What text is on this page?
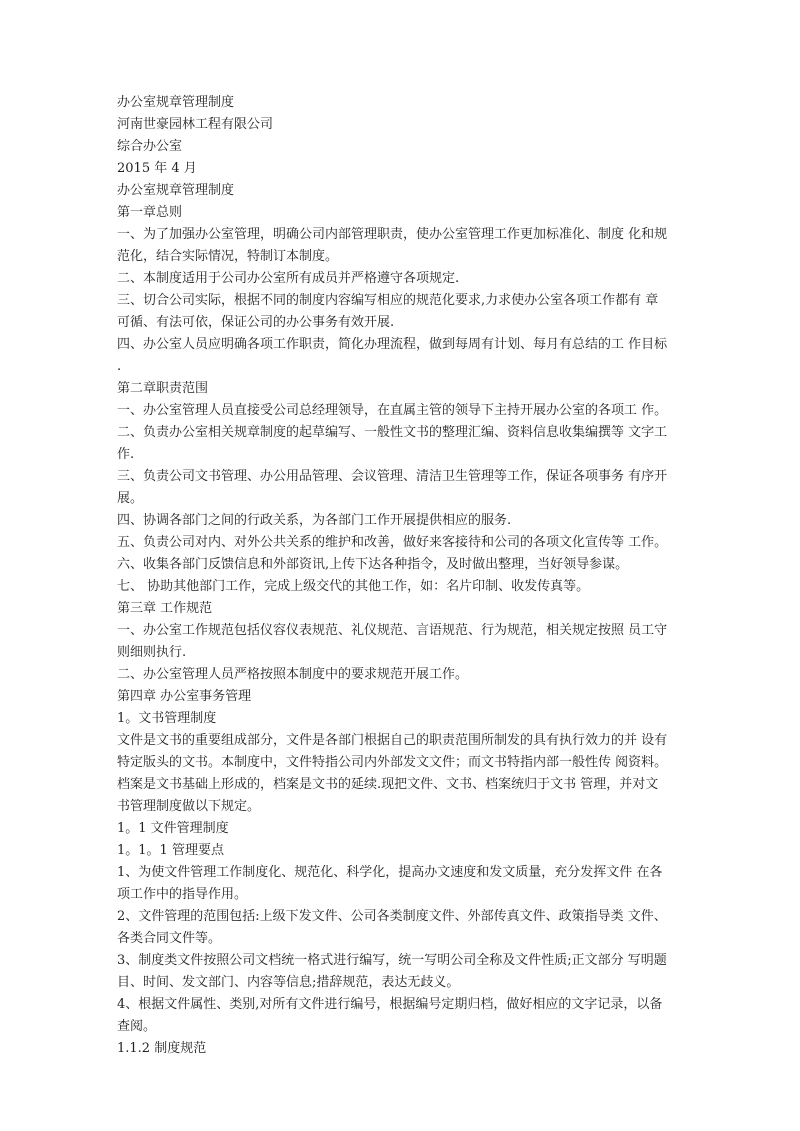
办公室规章管理制度
河南世豪园林工程有限公司
综合办公室
2015 年 4 月
办公室规章管理制度
第一章总则
一、为了加强办公室管理，明确公司内部管理职责，使办公室管理工作更加标准化、制度 化和规
范化，结合实际情况，特制订本制度。
二、本制度适用于公司办公室所有成员并严格遵守各项规定.
三、切合公司实际，根据不同的制度内容编写相应的规范化要求,力求使办公室各项工作都有 章
可循、有法可依，保证公司的办公事务有效开展.
四、办公室人员应明确各项工作职责，简化办理流程，做到每周有计划、每月有总结的工 作目标
.
第二章职责范围
一、办公室管理人员直接受公司总经理领导，在直属主管的领导下主持开展办公室的各项工 作。
二、负责办公室相关规章制度的起草编写、一般性文书的整理汇编、资料信息收集编撰等 文字工
作.
三、负责公司文书管理、办公用品管理、会议管理、清洁卫生管理等工作，保证各项事务 有序开
展。
四、协调各部门之间的行政关系，为各部门工作开展提供相应的服务.
五、负责公司对内、对外公共关系的维护和改善，做好来客接待和公司的各项文化宣传等 工作。
六、收集各部门反馈信息和外部资讯,上传下达各种指令，及时做出整理，当好领导参谋。
七、 协助其他部门工作，完成上级交代的其他工作，如：名片印制、收发传真等。
第三章 工作规范
一、办公室工作规范包括仪容仪表规范、礼仪规范、言语规范、行为规范，相关规定按照 员工守
则细则执行.
二、办公室管理人员严格按照本制度中的要求规范开展工作。
第四章 办公室事务管理
1。文书管理制度
文件是文书的重要组成部分，文件是各部门根据自己的职责范围所制发的具有执行效力的并 设有
特定版头的文书。本制度中，文件特指公司内外部发文文件；而文书特指内部一般性传 阅资料。
档案是文书基础上形成的，档案是文书的延续.现把文件、文书、档案统归于文书 管理，并对文
书管理制度做以下规定。
1。1 文件管理制度
1。1。1 管理要点
1、为使文件管理工作制度化、规范化、科学化，提高办文速度和发文质量，充分发挥文件 在各
项工作中的指导作用。
2、文件管理的范围包括:上级下发文件、公司各类制度文件、外部传真文件、政策指导类 文件、
各类合同文件等。
3、制度类文件按照公司文档统一格式进行编写，统一写明公司全称及文件性质;正文部分 写明题
目、时间、发文部门、内容等信息;措辞规范，表达无歧义。
4、根据文件属性、类别,对所有文件进行编号，根据编号定期归档，做好相应的文字记录，以备
查阅。
1.1.2 制度规范
